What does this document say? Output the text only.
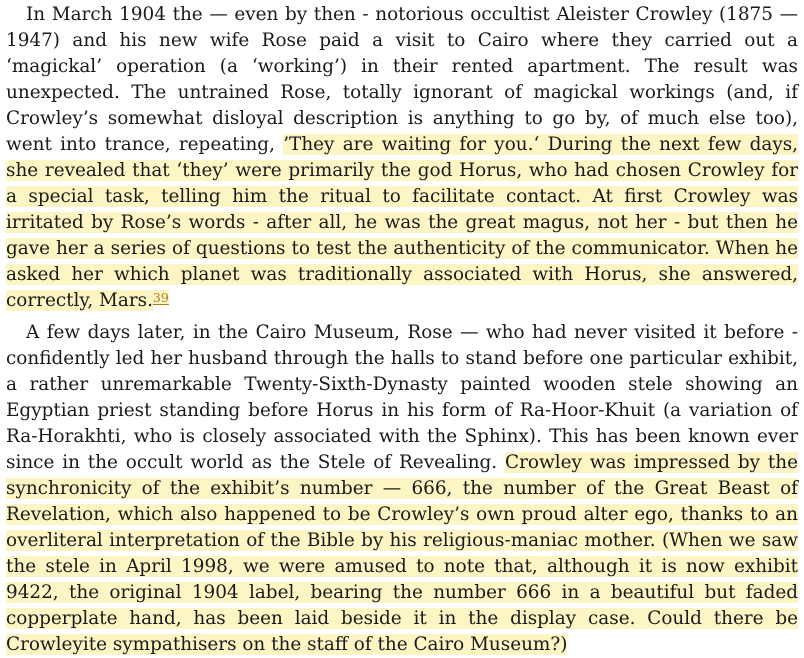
In March 1904 the — even by then - notorious occultist Aleister Crowley (1875 — 1947) and his new wife Rose paid a visit to Cairo where they carried out a ‘magickal’ operation (a ‘working’) in their rented apartment. The result was unexpected. The untrained Rose, totally ignorant of magickal workings (and, if Crowley’s somewhat disloyal description is anything to go by, of much else too), went into trance, repeating, ’They are waiting for you.‘ During the next few days, she revealed that ‘they’ were primarily the god Horus, who had chosen Crowley for a special task, telling him the ritual to facilitate contact. At first Crowley was irritated by Rose’s words - after all, he was the great magus, not her - but then he gave her a series of questions to test the authenticity of the communicator. When he asked her which planet was traditionally associated with Horus, she answered, correctly, Mars.$^{39}$

A few days later, in the Cairo Museum, Rose — who had never visited it before - confidently led her husband through the halls to stand before one particular exhibit, a rather unremarkable Twenty-Sixth-Dynasty painted wooden stele showing an Egyptian priest standing before Horus in his form of Ra-Hoor-Khuit (a variation of Ra-Horakhti, who is closely associated with the Sphinx). This has been known ever since in the occult world as the Stele of Revealing. Crowley was impressed by the synchronicity of the exhibit’s number — 666, the number of the Great Beast of Revelation, which also happened to be Crowley’s own proud alter ego, thanks to an overliteral interpretation of the Bible by his religious-maniac mother. (When we saw the stele in April 1998, we were amused to note that, although it is now exhibit 9422, the original 1904 label, bearing the number 666 in a beautiful but faded copperplate hand, has been laid beside it in the display case. Could there be Crowleyite sympathisers on the staff of the Cairo Museum?)
